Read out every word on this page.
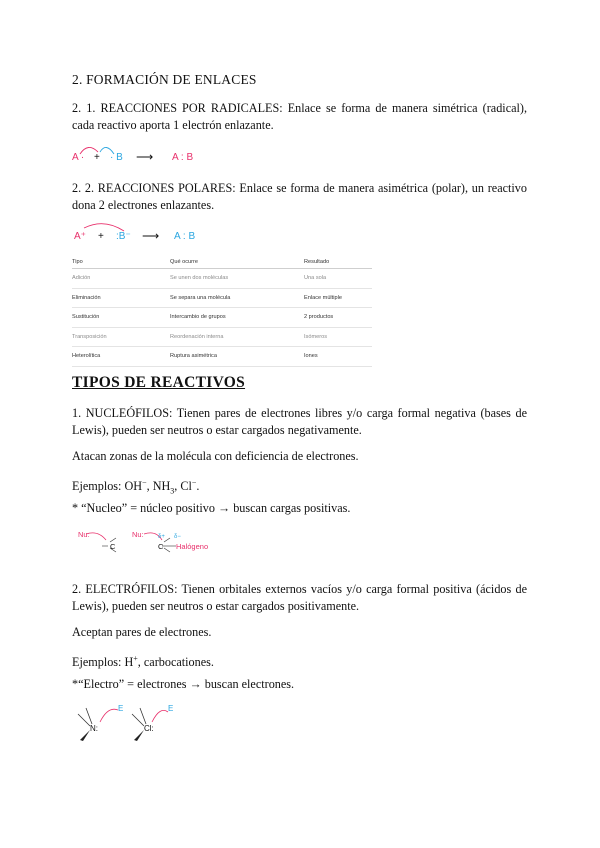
2. FORMACIÓN DE ENLACES
2. 1. REACCIONES POR RADICALES: Enlace se forma de manera simétrica (radical), cada reactivo aporta 1 electrón enlazante.
A · + · B ⟶ A : B
2. 2. REACCIONES POLARES: Enlace se forma de manera asimétrica (polar), un reactivo dona 2 electrones enlazantes.
A⁺ + :B⁻ ⟶ A : B
Tipo	Qué ocurre	Resultado
Adición	Se unen dos moléculas	Una sola
Eliminación	Se separa una molécula	Enlace múltiple
Sustitución	Intercambio de grupos	2 productos
Transposición	Reordenación interna	Isómeros
Heterolítica	Ruptura asimétrica	Iones
TIPOS DE REACTIVOS
1. NUCLEÓFILOS: Tienen pares de electrones libres y/o carga formal negativa (bases de Lewis), pueden ser neutros o estar cargados negativamente.
Atacan zonas de la molécula con deficiencia de electrones.
Ejemplos: OH−, $NH_3$, Cl−.
* “Nucleo” = núcleo positivo → buscan cargas positivas.
Nu:
C
Nu: δ+ δ−
C Halógeno
2. ELECTRÓFILOS: Tienen orbitales externos vacíos y/o carga formal positiva (ácidos de Lewis), pueden ser neutros o estar cargados positivamente.
Aceptan pares de electrones.
Ejemplos: H+, carbocationes.
*“Electro” = electrones → buscan electrones.
N:
E
Cl:
E
